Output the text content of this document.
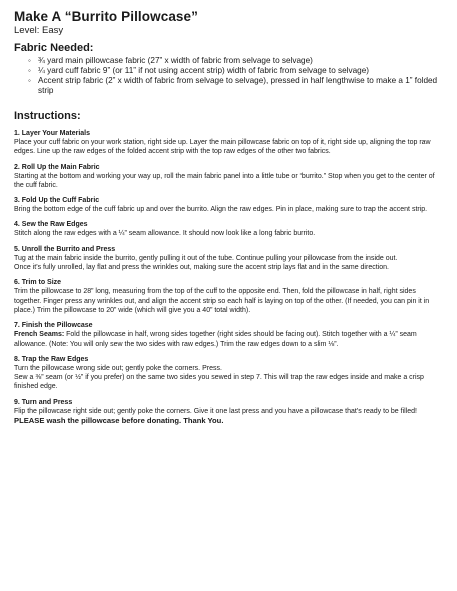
Make A “Burrito Pillowcase”
Level: Easy
Fabric Needed:
◦ ¾ yard main pillowcase fabric (27” x width of fabric from selvage to selvage)
◦ ¼ yard cuff fabric 9” (or 11” if not using accent strip) width of fabric from selvage to selvage)
◦ Accent strip fabric (2” x width of fabric from selvage to selvage), pressed in half lengthwise to make a 1” folded strip
Instructions:
1. Layer Your Materials
Place your cuff fabric on your work station, right side up. Layer the main pillowcase fabric on top of it, right side up, aligning the top raw edges. Line up the raw edges of the folded accent strip with the top raw edges of the other two fabrics.
2. Roll Up the Main Fabric
Starting at the bottom and working your way up, roll the main fabric panel into a little tube or “burrito.” Stop when you get to the center of the cuff fabric.
3. Fold Up the Cuff Fabric
Bring the bottom edge of the cuff fabric up and over the burrito. Align the raw edges. Pin in place, making sure to trap the accent strip.
4. Sew the Raw Edges
Stitch along the raw edges with a ¼” seam allowance. It should now look like a long fabric burrito.
5. Unroll the Burrito and Press

Tug at the main fabric inside the burrito, gently pulling it out of the tube. Continue pulling your pillowcase from the inside out.

Once it’s fully unrolled, lay flat and press the wrinkles out, making sure the accent strip lays flat and in the same direction.

6. Trim to Size
Trim the pillowcase to 28” long, measuring from the top of the cuff to the opposite end. Then, fold the pillowcase in half, right sides together. Finger press any wrinkles out, and align the accent strip so each half is laying on top of the other. (If needed, you can pin it in place.) Trim the pillowcase to 20” wide (which will give you a 40” total width).
7. Finish the Pillowcase
French Seams: Fold the pillowcase in half, wrong sides together (right sides should be facing out). Stitch together with a ¼” seam allowance. (Note: You will only sew the two sides with raw edges.) Trim the raw edges down to a slim ⅛”.
8. Trap the Raw Edges

Turn the pillowcase wrong side out; gently poke the corners. Press.

Sew a ⅜” seam (or ½” if you prefer) on the same two sides you sewed in step 7. This will trap the raw edges inside and make a crisp finished edge.

9. Turn and Press
Flip the pillowcase right side out; gently poke the corners. Give it one last press and you have a pillowcase that’s ready to be filled!
PLEASE wash the pillowcase before donating. Thank You.
